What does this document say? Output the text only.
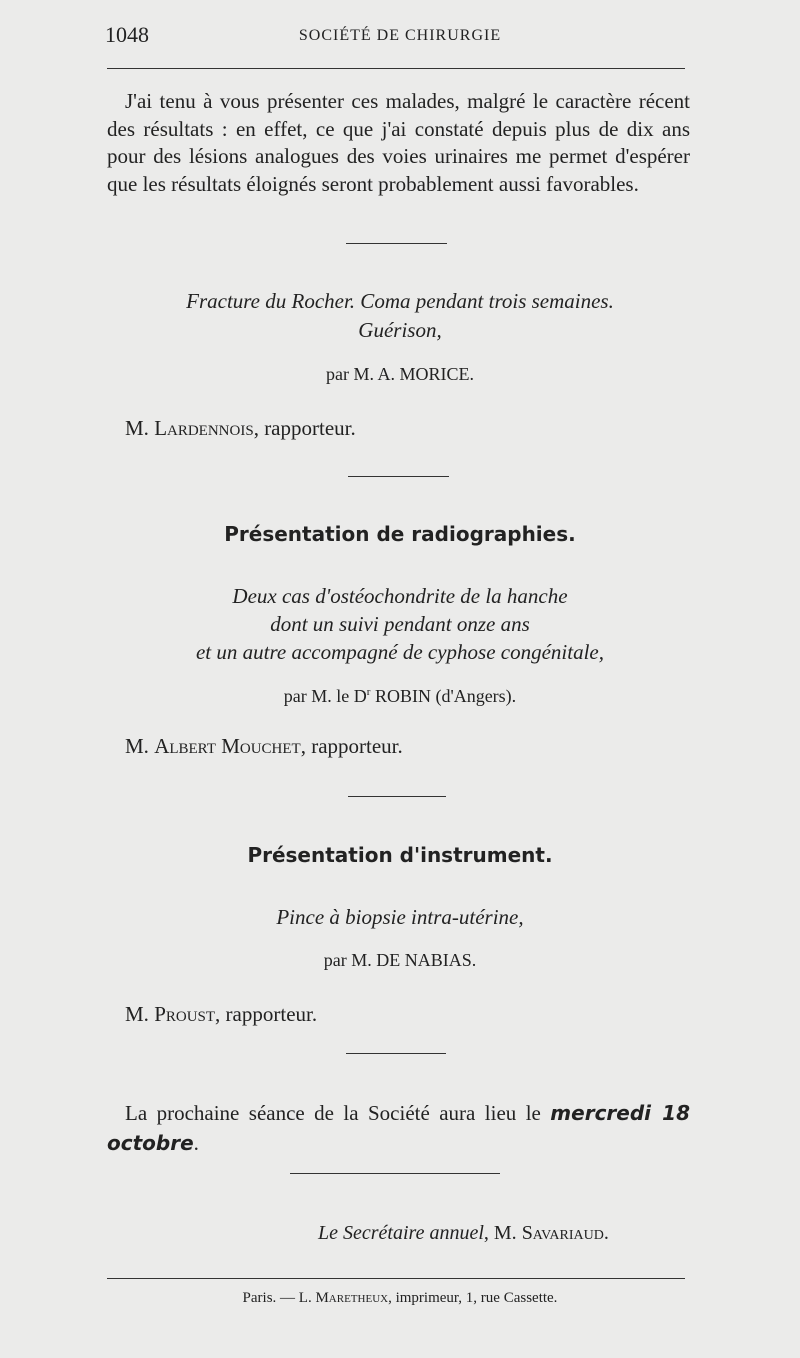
1048	SOCIÉTÉ DE CHIRURGIE
J'ai tenu à vous présenter ces malades, malgré le caractère récent des résultats : en effet, ce que j'ai constaté depuis plus de dix ans pour des lésions analogues des voies urinaires me permet d'espérer que les résultats éloignés seront probablement aussi favorables.
Fracture du Rocher. Coma pendant trois semaines.
Guérison,
par M. A. MORICE.
M. Lardennois, rapporteur.
Présentation de radiographies.
Deux cas d'ostéochondrite de la hanche
dont un suivi pendant onze ans
et un autre accompagné de cyphose congénitale,
par M. le $D^r$ ROBIN (d'Angers).
M. Albert Mouchet, rapporteur.
Présentation d'instrument.
Pince à biopsie intra-utérine,
par M. DE NABIAS.
M. Proust, rapporteur.
La prochaine séance de la Société aura lieu le mercredi 18 octobre.
Le Secrétaire annuel, M. Savariaud.
Paris. — L. Maretheux, imprimeur, 1, rue Cassette.
